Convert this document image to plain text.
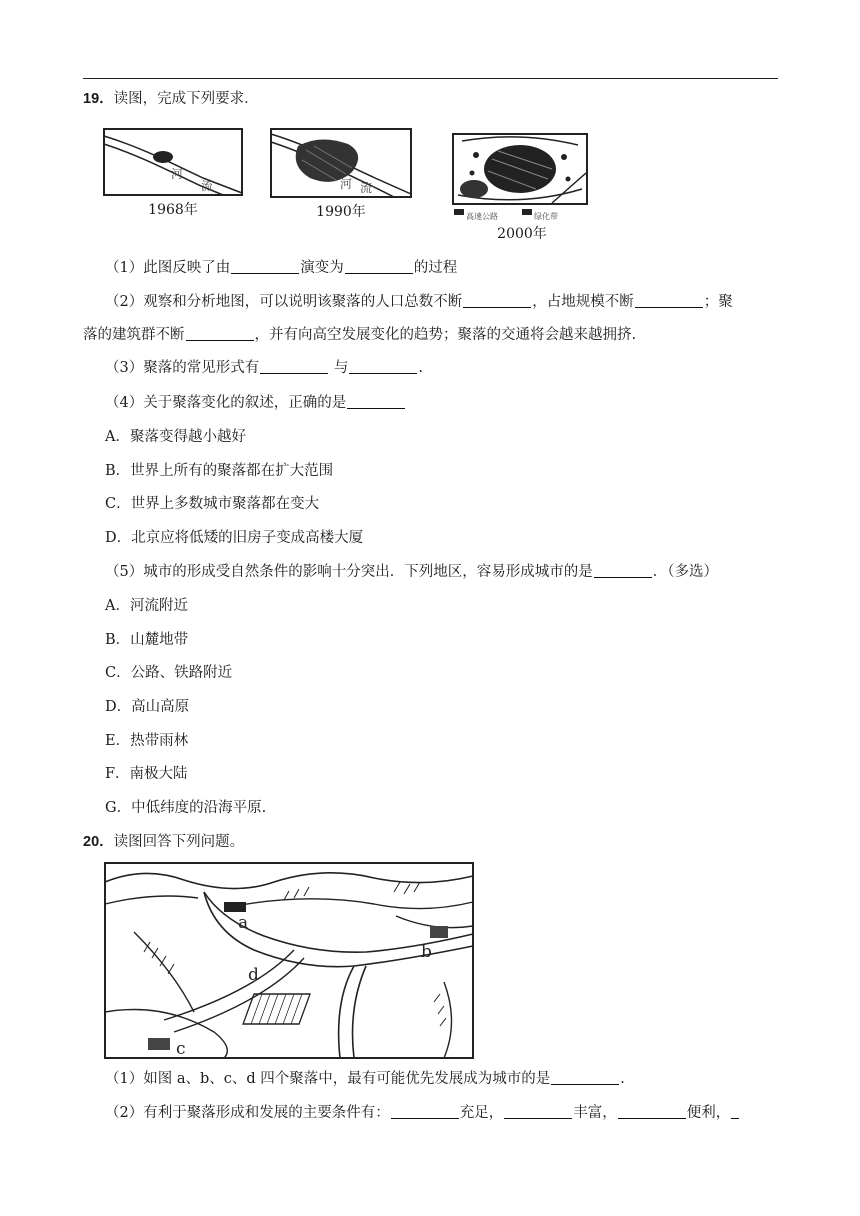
19．读图，完成下列要求．
河
流
1968年
河 流
1990年	高速公路	绿化带
2000年
（1）此图反映了由	演变为	的过程
（2）观察和分析地图，可以说明该聚落的人口总数不断	，占地规模不断	；聚
落的建筑群不断	，并有向高空发展变化的趋势；聚落的交通将会越来越拥挤.
（3）聚落的常见形式有	与	.
（4）关于聚落变化的叙述，正确的是
A．聚落变得越小越好
B．世界上所有的聚落都在扩大范围
C．世界上多数城市聚落都在变大
D．北京应将低矮的旧房子变成高楼大厦
（5）城市的形成受自然条件的影响十分突出．下列地区，容易形成城市的是	．（多选）
A．河流附近
B．山麓地带
C．公路、铁路附近
D．高山高原
E．热带雨林
F．南极大陆
G．中低纬度的沿海平原.
20．读图回答下列问题。
a
b
c
d
（1）如图 a、b、c、d 四个聚落中，最有可能优先发展成为城市的是	.
（2）有利于聚落形成和发展的主要条件有：	充足，	丰富，	便利，
